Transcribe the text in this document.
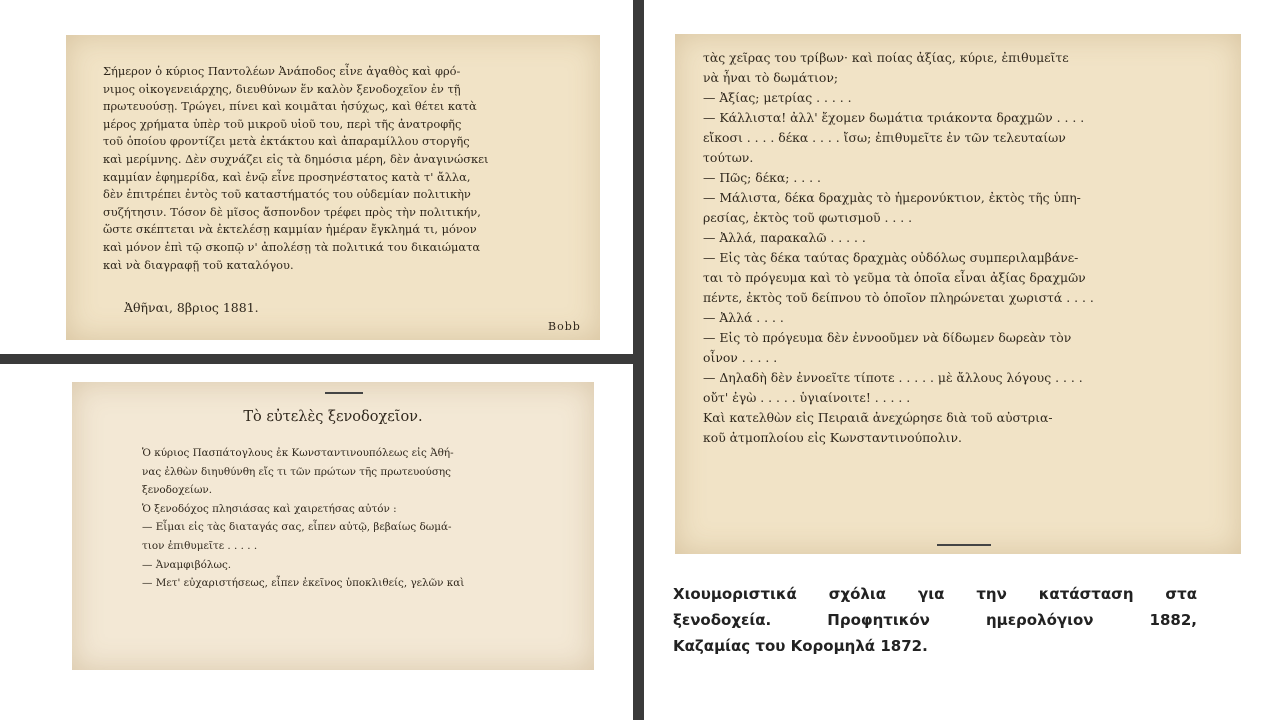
Σήμερον ὁ κύριος Παντολέων Ἀνάποδος εἶνε ἀγαθὸς καὶ φρό-
νιμος οἰκογενειάρχης, διευθύνων ἕν καλὸν ξενοδοχεῖον ἐν τῇ
πρωτευούσῃ. Τρώγει, πίνει καὶ κοιμᾶται ἡσύχως, καὶ θέτει κατὰ
μέρος χρήματα ὑπὲρ τοῦ μικροῦ υἱοῦ του, περὶ τῆς ἀνατροφῆς
τοῦ ὁποίου φροντίζει μετὰ ἐκτάκτου καὶ ἀπαραμίλλου στοργῆς
καὶ μερίμνης. Δὲν συχνάζει εἰς τὰ δημόσια μέρη, δὲν ἀναγινώσκει
καμμίαν ἐφημερίδα, καὶ ἐνῷ εἶνε προσηνέστατος κατὰ τ' ἄλλα,
δὲν ἐπιτρέπει ἐντὸς τοῦ καταστήματός του οὐδεμίαν πολιτικὴν
συζήτησιν. Τόσον δὲ μῖσος ἄσπονδον τρέφει πρὸς τὴν πολιτικήν,
ὥστε σκέπτεται νὰ ἐκτελέσῃ καμμίαν ἡμέραν ἔγκλημά τι, μόνον
καὶ μόνον ἐπὶ τῷ σκοπῷ ν' ἀπολέσῃ τὰ πολιτικά του δικαιώματα
καὶ νὰ διαγραφῇ τοῦ καταλόγου.

Ἀθῆναι, 8βριος 1881.

Bobb

Τὸ εὐτελὲς ξενοδοχεῖον.

Ὁ κύριος Πασπάτογλους ἐκ Κωνσταντινουπόλεως εἰς Ἀθή-
νας ἐλθὼν διηυθύνθη εἴς τι τῶν πρώτων τῆς πρωτευούσης
ξενοδοχείων.
Ὁ ξενοδόχος πλησιάσας καὶ χαιρετήσας αὐτόν :
— Εἶμαι εἰς τὰς διαταγάς σας, εἶπεν αὐτῷ, βεβαίως δωμά-
τιον ἐπιθυμεῖτε . . . . .
— Ἀναμφιβόλως.
— Μετ' εὐχαριστήσεως, εἶπεν ἐκεῖνος ὑποκλιθείς, γελῶν καὶ
τὰς χεῖρας του τρίβων· καὶ ποίας ἀξίας, κύριε, ἐπιθυμεῖτε
νὰ ἦναι τὸ δωμάτιον;
— Ἀξίας; μετρίας . . . . .
— Κάλλιστα! ἀλλ' ἔχομεν δωμάτια τριάκοντα δραχμῶν . . . .
εἴκοσι . . . . δέκα . . . . ἴσω; ἐπιθυμεῖτε ἐν τῶν τελευταίων
τούτων.
— Πῶς; δέκα; . . . .
— Μάλιστα, δέκα δραχμὰς τὸ ἡμερονύκτιον, ἐκτὸς τῆς ὑπη-
ρεσίας, ἐκτὸς τοῦ φωτισμοῦ . . . .
— Ἀλλά, παρακαλῶ . . . . .
— Εἰς τὰς δέκα ταύτας δραχμὰς οὐδόλως συμπεριλαμβάνε-
ται τὸ πρόγευμα καὶ τὸ γεῦμα τὰ ὁποῖα εἶναι ἀξίας δραχμῶν
πέντε, ἐκτὸς τοῦ δείπνου τὸ ὁποῖον πληρώνεται χωριστά . . . .
— Ἀλλά . . . .
— Εἰς τὸ πρόγευμα δὲν ἐννοοῦμεν νὰ δίδωμεν δωρεὰν τὸν
οἶνον . . . . .
— Δηλαδὴ δὲν ἐννοεῖτε τίποτε . . . . . μὲ ἄλλους λόγους . . . .
οὔτ' ἐγὼ . . . . . ὑγιαίνοιτε! . . . . .
Καὶ κατελθὼν εἰς Πειραιᾶ ἀνεχώρησε διὰ τοῦ αὐστρια-
κοῦ ἀτμοπλοίου εἰς Κωνσταντινούπολιν.
Χιουμοριστικά σχόλια για την κατάσταση στα
ξενοδοχεία. Προφητικόν ημερολόγιον 1882,
Καζαμίας του Κορομηλά 1872.
